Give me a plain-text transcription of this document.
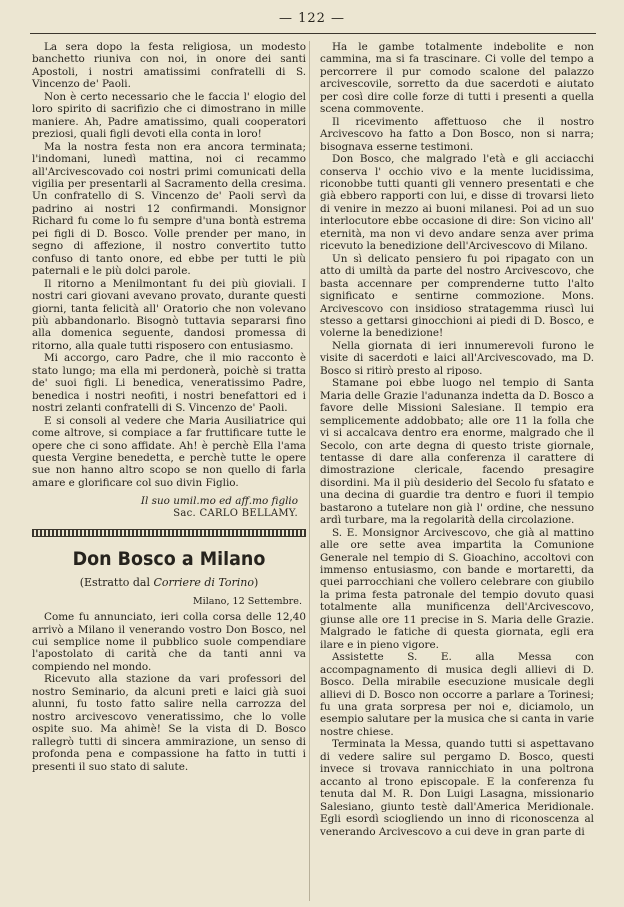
— 122 —

La sera dopo la festa religiosa, un modesto banchetto riuniva con noi, in onore dei santi Apostoli, i nostri amatissimi confratelli di S. Vincenzo de' Paoli.

Non è certo necessario che le faccia l' elogio del loro spirito di sacrifizio che ci dimostrano in mille maniere. Ah, Padre amatissimo, quali cooperatori preziosi, quali figli devoti ella conta in loro!

Ma la nostra festa non era ancora terminata; l'indomani, lunedì mattina, noi ci recammo all'Arcivescovado coi nostri primi comunicati della vigilia per presentarli al Sacramento della cresima. Un confratello di S. Vincenzo de' Paoli servì da padrino ai nostri 12 confirmandi. Monsignor Richard fu come lo fu sempre d'una bontà estrema pei figli di D. Bosco. Volle prender per mano, in segno di affezione, il nostro convertito tutto confuso di tanto onore, ed ebbe per tutti le più paternali e le più dolci parole.

Il ritorno a Menilmontant fu dei più gioviali. I nostri cari giovani avevano provato, durante questi giorni, tanta felicità all' Oratorio che non volevano più abbandonarlo. Bisognò tuttavia separarsi fino alla domenica seguente, dandosi promessa di ritorno, alla quale tutti risposero con entusiasmo.

Mi accorgo, caro Padre, che il mio racconto è stato lungo; ma ella mi perdonerà, poichè si tratta de' suoi figli. Li benedica, veneratissimo Padre, benedica i nostri neofiti, i nostri benefattori ed i nostri zelanti confratelli di S. Vincenzo de' Paoli.

E si consoli al vedere che Maria Ausiliatrice qui come altrove, si compiace a far fruttificare tutte le opere che ci sono affidate. Ah! è perchè Ella l'ama questa Vergine benedetta, e perchè tutte le opere sue non hanno altro scopo se non quello di farla amare e glorificare col suo divin Figlio.

Il suo umil.mo ed aff.mo figlio
Sac. CARLO BELLAMY.
Don Bosco a Milano
(Estratto dal Corriere di Torino)
Milano, 12 Settembre.

Come fu annunciato, ieri colla corsa delle 12,40 arrivò a Milano il venerando vostro Don Bosco, nel cui semplice nome il pubblico suole compendiare l'apostolato di carità che da tanti anni va compiendo nel mondo.

Ricevuto alla stazione da vari professori del nostro Seminario, da alcuni preti e laici già suoi alunni, fu tosto fatto salire nella carrozza del nostro arcivescovo veneratissimo, che lo volle ospite suo. Ma ahimè! Se la vista di D. Bosco rallegrò tutti di sincera ammirazione, un senso di profonda pena e compassione ha fatto in tutti i presenti il suo stato di salute.

Ha le gambe totalmente indebolite e non cammina, ma si fa trascinare. Ci volle del tempo a percorrere il pur comodo scalone del palazzo arcivescovile, sorretto da due sacerdoti e aiutato per così dire colle forze di tutti i presenti a quella scena commovente.

Il ricevimento affettuoso che il nostro Arcivescovo ha fatto a Don Bosco, non si narra; bisognava esserne testimoni.

Don Bosco, che malgrado l'età e gli acciacchi conserva l' occhio vivo e la mente lucidissima, riconobbe tutti quanti gli vennero presentati e che già ebbero rapporti con lui, e disse di trovarsi lieto di venire in mezzo ai buoni milanesi. Poi ad un suo interlocutore ebbe occasione di dire: Son vicino all' eternità, ma non vi devo andare senza aver prima ricevuto la benedizione dell'Arcivescovo di Milano.

Un sì delicato pensiero fu poi ripagato con un atto di umiltà da parte del nostro Arcivescovo, che basta accennare per comprenderne tutto l'alto significato e sentirne commozione. Mons. Arcivescovo con insidioso stratagemma riuscì lui stesso a gettarsi ginocchioni ai piedi di D. Bosco, e volerne la benedizione!

Nella giornata di ieri innumerevoli furono le visite di sacerdoti e laici all'Arcivescovado, ma D. Bosco si ritirò presto al riposo.

Stamane poi ebbe luogo nel tempio di Santa Maria delle Grazie l'adunanza indetta da D. Bosco a favore delle Missioni Salesiane. Il tempio era semplicemente addobbato; alle ore 11 la folla che vi si accalcava dentro era enorme, malgrado che il Secolo, con arte degna di questo triste giornale, tentasse di dare alla conferenza il carattere di dimostrazione clericale, facendo presagire disordini. Ma il più desiderio del Secolo fu sfatato e una decina di guardie tra dentro e fuori il tempio bastarono a tutelare non già l' ordine, che nessuno ardì turbare, ma la regolarità della circolazione.

S. E. Monsignor Arcivescovo, che già al mattino alle ore sette avea impartita la Comunione Generale nel tempio di S. Gioachino, accoltovi con immenso entusiasmo, con bande e mortaretti, da quei parrocchiani che vollero celebrare con giubilo la prima festa patronale del tempio dovuto quasi totalmente alla munificenza dell'Arcivescovo, giunse alle ore 11 precise in S. Maria delle Grazie. Malgrado le fatiche di questa giornata, egli era ilare e in pieno vigore.

Assistette S. E. alla Messa con accompagnamento di musica degli allievi di D. Bosco. Della mirabile esecuzione musicale degli allievi di D. Bosco non occorre a parlare a Torinesi; fu una grata sorpresa per noi e, diciamolo, un esempio salutare per la musica che si canta in varie nostre chiese.

Terminata la Messa, quando tutti si aspettavano di vedere salire sul pergamo D. Bosco, questi invece si trovava rannicchiato in una poltrona accanto al trono episcopale. E la conferenza fu tenuta dal M. R. Don Luigi Lasagna, missionario Salesiano, giunto testè dall'America Meridionale. Egli esordì sciogliendo un inno di riconoscenza al venerando Arcivescovo a cui deve in gran parte di
